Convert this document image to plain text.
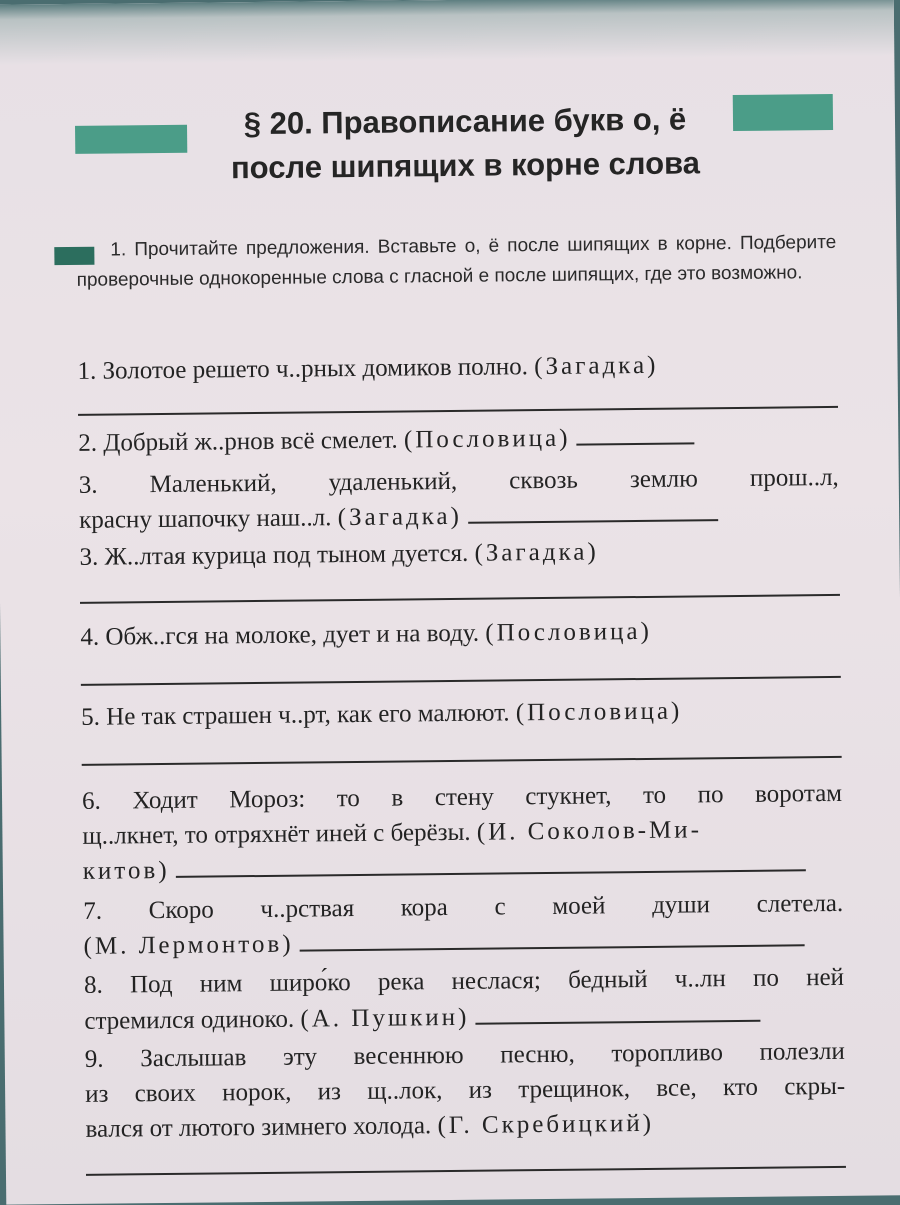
§ 20. Правописание букв о, ё
после шипящих в корне слова
1. Прочитайте предложения. Вставьте о, ё после шипящих в корне. Подберите проверочные однокоренные слова с гласной е после шипящих, где это возможно.
1. Золотое решето ч..рных домиков полно. (Загадка)
2. Добрый ж..рнов всё смелет. (Пословица)
3. Маленький, удаленький, сквозь землю прош..л,
красну шапочку наш..л. (Загадка)
3. Ж..лтая курица под тыном дуется. (Загадка)
4. Обж..гся на молоке, дует и на воду. (Пословица)
5. Не так страшен ч..рт, как его малюют. (Пословица)
6. Ходит Мороз: то в стену стукнет, то по воротам
щ..лкнет, то отряхнёт иней с берёзы. (И. Соколов-Ми-
китов)
7. Скоро ч..рствая кора с моей души слетела.
(М. Лермонтов)
8. Под ним широ́ко река неслася; бедный ч..лн по ней
стремился одиноко. (А. Пушкин)
9. Заслышав эту весеннюю песню, торопливо полезли
из своих норок, из щ..лок, из трещинок, все, кто скры-
вался от лютого зимнего холода. (Г. Скребицкий)
